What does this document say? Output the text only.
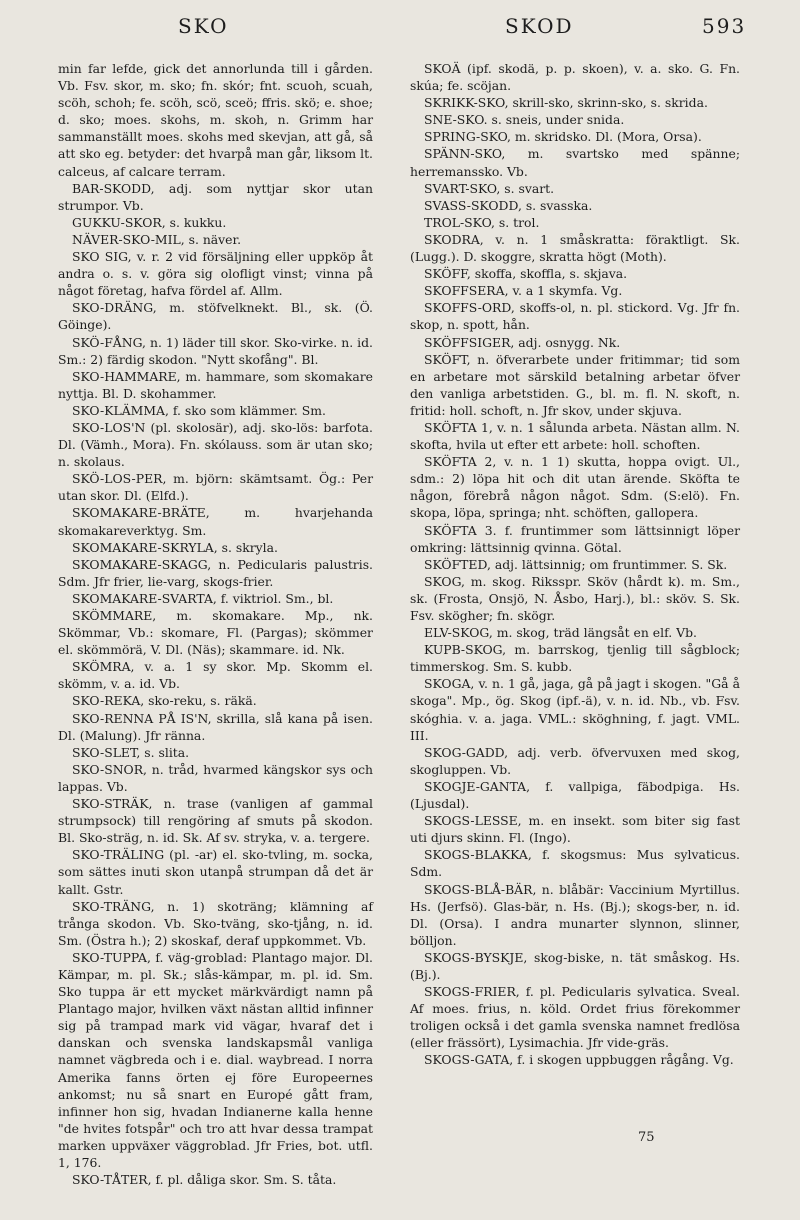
SKO	SKOD	593

min far lefde, gick det annorlunda till i gården. Vb. Fsv. skor, m. sko; fn. skór; fnt. scuoh, scuah, scöh, schoh; fe. scöh, scö, sceö; ffris. skö; e. shoe; d. sko; moes. skohs, m. skoh, n. Grimm har sammanställt moes. skohs med skevjan, att gå, så att sko eg. betyder: det hvarpå man går, liksom lt. calceus, af calcare terram.

BAR-SKODD, adj. som nyttjar skor utan strumpor. Vb.

GUKKU-SKOR, s. kukku.

NÄVER-SKO-MIL, s. näver.

SKO SIG, v. r. 2 vid försäljning eller uppköp åt andra o. s. v. göra sig olofligt vinst; vinna på något företag, hafva fördel af. Allm.

SKO-DRÄNG, m. stöfvelknekt. Bl., sk. (Ö. Göinge).

SKÖ-FÅNG, n. 1) läder till skor. Sko-virke. n. id. Sm.: 2) färdig skodon. "Nytt skofång". Bl.

SKO-HAMMARE, m. hammare, som skomakare nyttja. Bl. D. skohammer.

SKO-KLÄMMA, f. sko som klämmer. Sm.

SKO-LOS'N (pl. skolosär), adj. sko-lös: barfota. Dl. (Vämh., Mora). Fn. skólauss. som är utan sko; n. skolaus.

SKÖ-LOS-PER, m. björn: skämtsamt. Ög.: Per utan skor. Dl. (Elfd.).

SKOMAKARE-BRÄTE, m. hvarjehanda skomakareverktyg. Sm.

SKOMAKARE-SKRYLA, s. skryla.

SKOMAKARE-SKAGG, n. Pedicularis palustris. Sdm. Jfr frier, lie-varg, skogs-frier.

SKOMAKARE-SVARTA, f. viktriol. Sm., bl.

SKÖMMARE, m. skomakare. Mp., nk. Skömmar, Vb.: skomare, Fl. (Pargas); skömmer el. skömmörä, V. Dl. (Näs); skammare. id. Nk.

SKÖMRA, v. a. 1 sy skor. Mp. Skomm el. skömm, v. a. id. Vb.

SKO-REKA, sko-reku, s. räkä.

SKO-RENNA PÅ IS'N, skrilla, slå kana på isen. Dl. (Malung). Jfr ränna.

SKO-SLET, s. slita.

SKO-SNOR, n. tråd, hvarmed kängskor sys och lappas. Vb.

SKO-STRÄK, n. trase (vanligen af gammal strumpsock) till rengöring af smuts på skodon. Bl. Sko-sträg, n. id. Sk. Af sv. stryka, v. a. tergere.

SKO-TRÄLING (pl. -ar) el. sko-tvling, m. socka, som sättes inuti skon utanpå strumpan då det är kallt. Gstr.

SKO-TRÄNG, n. 1) skoträng; klämning af trånga skodon. Vb. Sko-tväng, sko-tjång, n. id. Sm. (Östra h.); 2) skoskaf, deraf uppkommet. Vb.

SKO-TUPPA, f. väg-groblad: Plantago major. Dl. Kämpar, m. pl. Sk.; slås-kämpar, m. pl. id. Sm. Sko tuppa är ett mycket märkvärdigt namn på Plantago major, hvilken växt nästan alltid infinner sig på trampad mark vid vägar, hvaraf det i danskan och svenska landskapsmål vanliga namnet vägbreda och i e. dial. waybread. I norra Amerika fanns örten ej före Europeernes ankomst; nu så snart en Europé gått fram, infinner hon sig, hvadan Indianerne kalla henne "de hvites fotspår" och tro att hvar dessa trampat marken uppväxer väggroblad. Jfr Fries, bot. utfl. 1, 176.

SKO-TÅTER, f. pl. dåliga skor. Sm. S. tåta.

SKOÄ (ipf. skodä, p. p. skoen), v. a. sko. G. Fn. skúa; fe. scöjan.

SKRIKK-SKO, skrill-sko, skrinn-sko, s. skrida.

SNE-SKO. s. sneis, under snida.

SPRING-SKO, m. skridsko. Dl. (Mora, Orsa).

SPÄNN-SKO, m. svartsko med spänne; herremanssko. Vb.

SVART-SKO, s. svart.

SVASS-SKODD, s. svasska.

TROL-SKO, s. trol.

SKODRA, v. n. 1 småskratta: föraktligt. Sk. (Lugg.). D. skoggre, skratta högt (Moth).

SKÖFF, skoffa, skoffla, s. skjava.

SKOFFSERA, v. a 1 skymfa. Vg.

SKOFFS-ORD, skoffs-ol, n. pl. stickord. Vg. Jfr fn. skop, n. spott, hån.

SKÖFFSIGER, adj. osnygg. Nk.

SKÖFT, n. öfverarbete under fritimmar; tid som en arbetare mot särskild betalning arbetar öfver den vanliga arbetstiden. G., bl. m. fl. N. skoft, n. fritid: holl. schoft, n. Jfr skov, under skjuva.

SKÖFTA 1, v. n. 1 sålunda arbeta. Nästan allm. N. skofta, hvila ut efter ett arbete: holl. schoften.

SKÖFTA 2, v. n. 1 1) skutta, hoppa ovigt. Ul., sdm.: 2) löpa hit och dit utan ärende. Sköfta te någon, förebrå någon något. Sdm. (S:elö). Fn. skopa, löpa, springa; nht. schöften, gallopera.

SKÖFTA 3. f. fruntimmer som lättsinnigt löper omkring: lättsinnig qvinna. Götal.

SKÖFTED, adj. lättsinnig; om fruntimmer. S. Sk.

SKOG, m. skog. Riksspr. Sköv (hårdt k). m. Sm., sk. (Frosta, Onsjö, N. Åsbo, Harj.), bl.: sköv. S. Sk. Fsv. skögher; fn. skögr.

ELV-SKOG, m. skog, träd längsåt en elf. Vb.

KUPB-SKOG, m. barrskog, tjenlig till sågblock; timmerskog. Sm. S. kubb.

SKOGA, v. n. 1 gå, jaga, gå på jagt i skogen. "Gå å skoga". Mp., ög. Skog (ipf.-ä), v. n. id. Nb., vb. Fsv. skóghia. v. a. jaga. VML.: sköghning, f. jagt. VML. III.

SKOG-GADD, adj. verb. öfvervuxen med skog, skogluppen. Vb.

SKOGJE-GANTA, f. vallpiga, fäbodpiga. Hs. (Ljusdal).

SKOGS-LESSE, m. en insekt. som biter sig fast uti djurs skinn. Fl. (Ingo).

SKOGS-BLAKKA, f. skogsmus: Mus sylvaticus. Sdm.

SKOGS-BLÅ-BÄR, n. blåbär: Vaccinium Myrtillus. Hs. (Jerfsö). Glas-bär, n. Hs. (Bj.); skogs-ber, n. id. Dl. (Orsa). I andra munarter slynnon, slinner, bölljon.

SKOGS-BYSKJE, skog-biske, n. tät småskog. Hs. (Bj.).

SKOGS-FRIER, f. pl. Pedicularis sylvatica. Sveal. Af moes. frius, n. köld. Ordet frius förekommer troligen också i det gamla svenska namnet fredlösa (eller frässört), Lysimachia. Jfr vide-gräs.

SKOGS-GATA, f. i skogen uppbuggen rågång. Vg.

75
